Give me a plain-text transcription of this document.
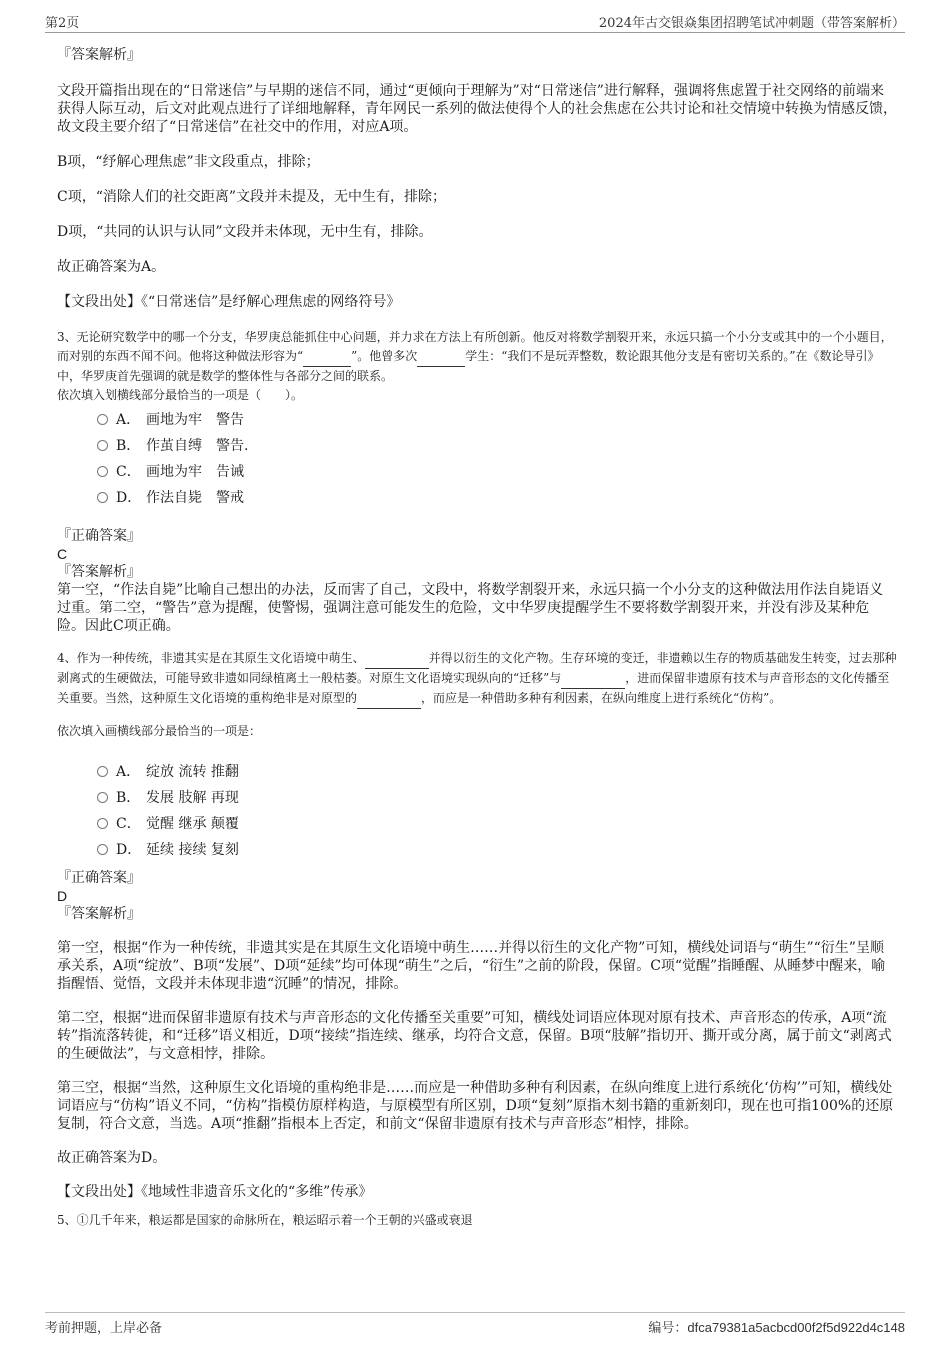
第2页	2024年古交银焱集团招聘笔试冲刺题（带答案解析）
『答案解析』

文段开篇指出现在的“日常迷信”与早期的迷信不同，通过“更倾向于理解为”对“日常迷信”进行解释，强调将焦虑置于社交网络的前端来获得人际互动，后文对此观点进行了详细地解释，青年网民一系列的做法使得个人的社会焦虑在公共讨论和社交情境中转换为情感反馈，故文段主要介绍了“日常迷信”在社交中的作用，对应A项。

B项，“纾解心理焦虑”非文段重点，排除；

C项，“消除人们的社交距离”文段并未提及，无中生有，排除；

D项，“共同的认识与认同”文段并未体现，无中生有，排除。

故正确答案为A。

【文段出处】《“日常迷信”是纾解心理焦虑的网络符号》

3、无论研究数学中的哪一个分支，华罗庚总能抓住中心问题，并力求在方法上有所创新。他反对将数学割裂开来，永远只搞一个小分支或其中的一个小题目，而对别的东西不闻不问。他将这种做法形容为“	”。他曾多次	学生：“我们不是玩弄整数，数论跟其他分支是有密切关系的。”在《数论导引》中，华罗庚首先强调的就是数学的整体性与各部分之间的联系。

依次填入划横线部分最恰当的一项是（　　）。

A． 画地为牢　警告
B． 作茧自缚　警告.
C． 画地为牢　告诫
D． 作法自毙　警戒
『正确答案』
C
『答案解析』

第一空，“作法自毙”比喻自己想出的办法，反而害了自己，文段中，将数学割裂开来，永远只搞一个小分支的这种做法用作法自毙语义过重。第二空，“警告”意为提醒，使警惕，强调注意可能发生的危险，文中华罗庚提醒学生不要将数学割裂开来，并没有涉及某种危险。因此C项正确。

4、作为一种传统，非遗其实是在其原生文化语境中萌生、	并得以衍生的文化产物。生存环境的变迁，非遗赖以生存的物质基础发生转变，过去那种剥离式的生硬做法，可能导致非遗如同绿植离土一般枯萎。对原生文化语境实现纵向的“迁移”与	，进而保留非遗原有技术与声音形态的文化传播至关重要。当然，这种原生文化语境的重构绝非是对原型的	，而应是一种借助多种有利因素，在纵向维度上进行系统化“仿构”。

依次填入画横线部分最恰当的一项是：

A． 绽放 流转 推翻
B． 发展 肢解 再现
C． 觉醒 继承 颠覆
D． 延续 接续 复刻
『正确答案』
D
『答案解析』

第一空，根据“作为一种传统，非遗其实是在其原生文化语境中萌生……并得以衍生的文化产物”可知，横线处词语与“萌生”“衍生”呈顺承关系，A项“绽放”、B项“发展”、D项“延续”均可体现“萌生”之后，“衍生”之前的阶段，保留。C项“觉醒”指睡醒、从睡梦中醒来，喻指醒悟、觉悟，文段并未体现非遗“沉睡”的情况，排除。

第二空，根据“进而保留非遗原有技术与声音形态的文化传播至关重要”可知，横线处词语应体现对原有技术、声音形态的传承，A项“流转”指流落转徙，和“迁移”语义相近，D项“接续”指连续、继承，均符合文意，保留。B项“肢解”指切开、撕开或分离，属于前文“剥离式的生硬做法”，与文意相悖，排除。

第三空，根据“当然，这种原生文化语境的重构绝非是……而应是一种借助多种有利因素，在纵向维度上进行系统化‘仿构’”可知，横线处词语应与“仿构”语义不同，“仿构”指模仿原样构造，与原模型有所区别，D项“复刻”原指木刻书籍的重新刻印，现在也可指100%的还原复制，符合文意，当选。A项“推翻”指根本上否定，和前文“保留非遗原有技术与声音形态”相悖，排除。

故正确答案为D。

【文段出处】《地域性非遗音乐文化的“多维”传承》

5、①几千年来，粮运都是国家的命脉所在，粮运昭示着一个王朝的兴盛或衰退

考前押题，上岸必备	编号：dfca79381a5acbcd00f2f5d922d4c148
